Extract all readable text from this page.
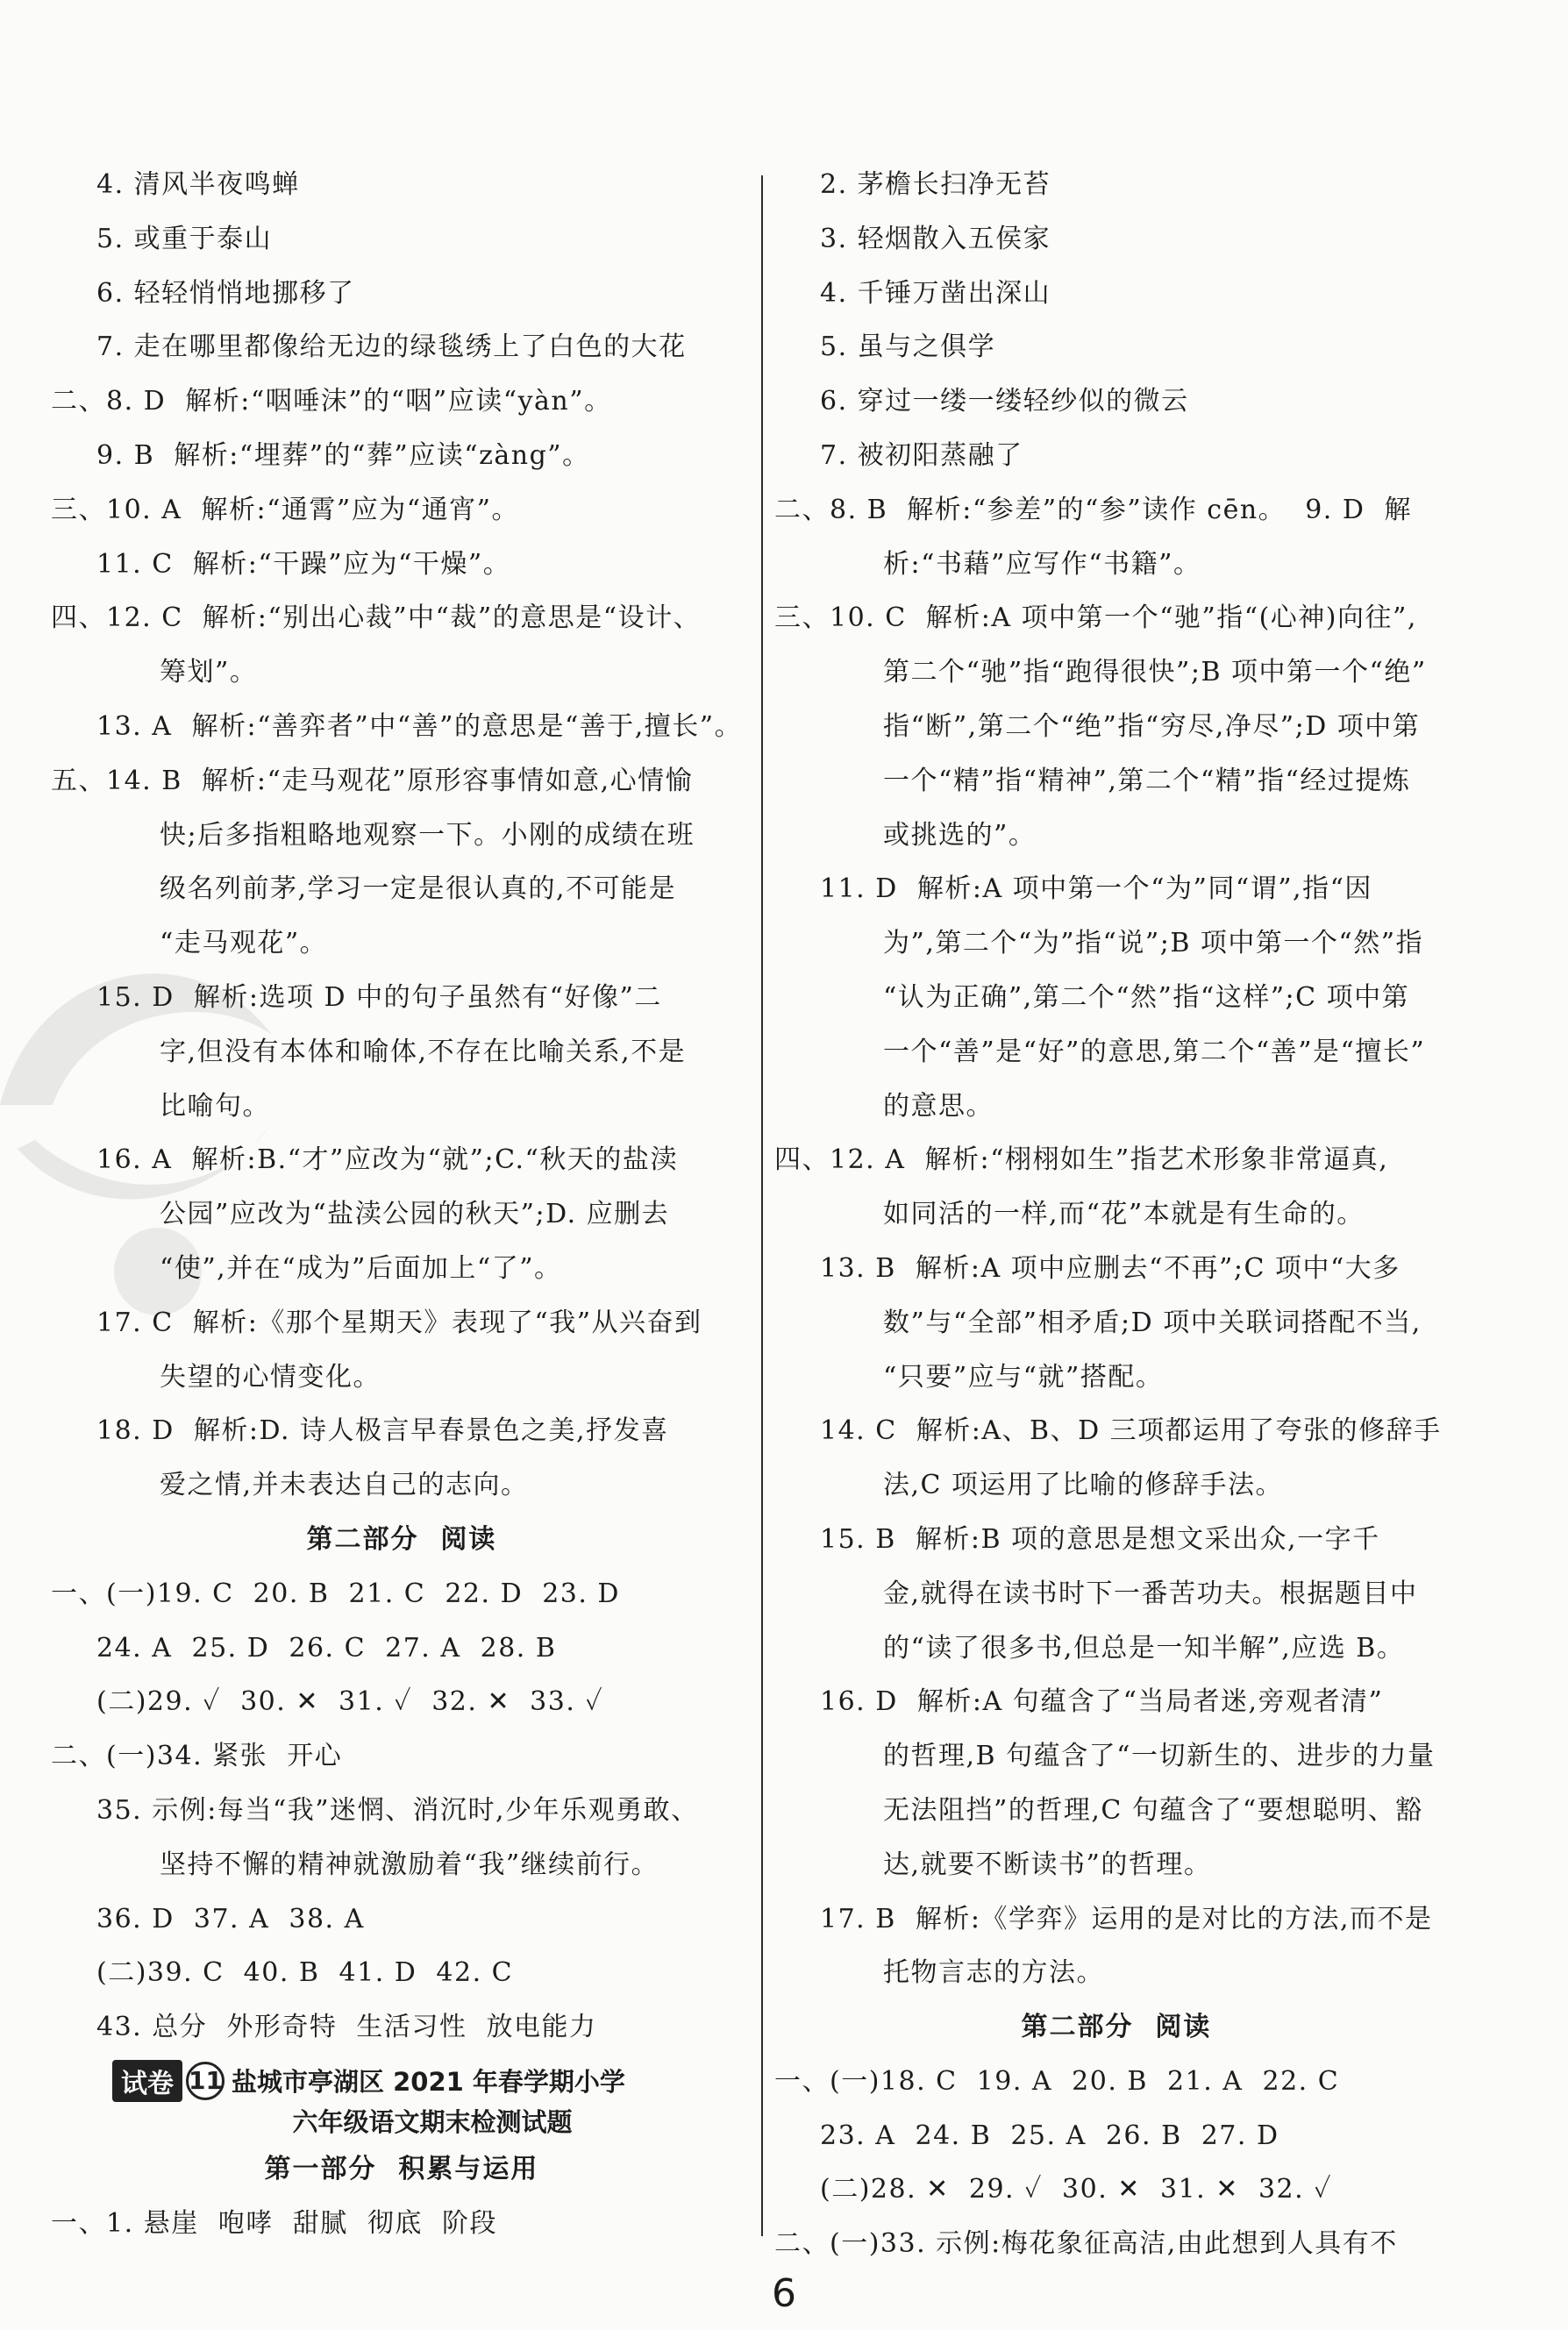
4. 清风半夜鸣蝉
5. 或重于泰山
6. 轻轻悄悄地挪移了
7. 走在哪里都像给无边的绿毯绣上了白色的大花
二、8. D  解析:“咽唾沫”的“咽”应读“yàn”。
9. B  解析:“埋葬”的“葬”应读“zàng”。
三、10. A  解析:“通霄”应为“通宵”。
11. C  解析:“干躁”应为“干燥”。
四、12. C  解析:“别出心裁”中“裁”的意思是“设计、
筹划”。
13. A  解析:“善弈者”中“善”的意思是“善于,擅长”。
五、14. B  解析:“走马观花”原形容事情如意,心情愉
快;后多指粗略地观察一下。小刚的成绩在班
级名列前茅,学习一定是很认真的,不可能是
“走马观花”。
15. D  解析:选项 D 中的句子虽然有“好像”二
字,但没有本体和喻体,不存在比喻关系,不是
比喻句。
16. A  解析:B.“才”应改为“就”;C.“秋天的盐渎
公园”应改为“盐渎公园的秋天”;D. 应删去
“使”,并在“成为”后面加上“了”。
17. C  解析:《那个星期天》表现了“我”从兴奋到
失望的心情变化。
18. D  解析:D. 诗人极言早春景色之美,抒发喜
爱之情,并未表达自己的志向。
第二部分  阅读
一、(一)19. C  20. B  21. C  22. D  23. D
24. A  25. D  26. C  27. A  28. B
(二)29. ✓  30. ✕  31. ✓  32. ✕  33. ✓
二、(一)34. 紧张  开心
35. 示例:每当“我”迷惘、消沉时,少年乐观勇敢、
坚持不懈的精神就激励着“我”继续前行。
36. D  37. A  38. A
(二)39. C  40. B  41. D  42. C
43. 总分  外形奇特  生活习性  放电能力
试卷 11 盐城市亭湖区 2021 年春学期小学
六年级语文期末检测试题
第一部分  积累与运用
一、1. 悬崖  咆哮  甜腻  彻底  阶段
2. 茅檐长扫净无苔
3. 轻烟散入五侯家
4. 千锤万凿出深山
5. 虽与之俱学
6. 穿过一缕一缕轻纱似的微云
7. 被初阳蒸融了
二、8. B  解析:“参差”的“参”读作 cēn。  9. D  解
析:“书藉”应写作“书籍”。
三、10. C  解析:A 项中第一个“驰”指“(心神)向往”,
第二个“驰”指“跑得很快”;B 项中第一个“绝”
指“断”,第二个“绝”指“穷尽,净尽”;D 项中第
一个“精”指“精神”,第二个“精”指“经过提炼
或挑选的”。
11. D  解析:A 项中第一个“为”同“谓”,指“因
为”,第二个“为”指“说”;B 项中第一个“然”指
“认为正确”,第二个“然”指“这样”;C 项中第
一个“善”是“好”的意思,第二个“善”是“擅长”
的意思。
四、12. A  解析:“栩栩如生”指艺术形象非常逼真,
如同活的一样,而“花”本就是有生命的。
13. B  解析:A 项中应删去“不再”;C 项中“大多
数”与“全部”相矛盾;D 项中关联词搭配不当,
“只要”应与“就”搭配。
14. C  解析:A、B、D 三项都运用了夸张的修辞手
法,C 项运用了比喻的修辞手法。
15. B  解析:B 项的意思是想文采出众,一字千
金,就得在读书时下一番苦功夫。根据题目中
的“读了很多书,但总是一知半解”,应选 B。
16. D  解析:A 句蕴含了“当局者迷,旁观者清”
的哲理,B 句蕴含了“一切新生的、进步的力量
无法阻挡”的哲理,C 句蕴含了“要想聪明、豁
达,就要不断读书”的哲理。
17. B  解析:《学弈》运用的是对比的方法,而不是
托物言志的方法。
第二部分  阅读
一、(一)18. C  19. A  20. B  21. A  22. C
23. A  24. B  25. A  26. B  27. D
(二)28. ✕  29. ✓  30. ✕  31. ✕  32. ✓
二、(一)33. 示例:梅花象征高洁,由此想到人具有不
6
